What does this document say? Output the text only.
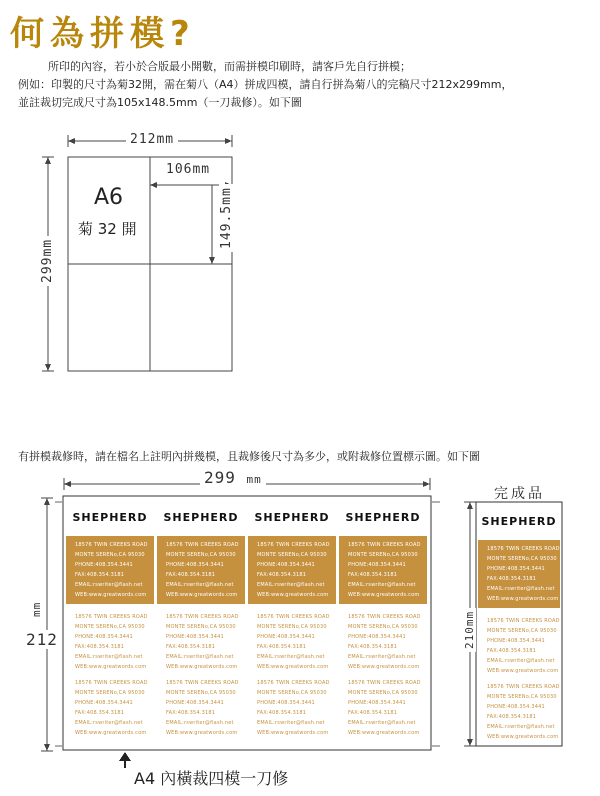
何為拼模?
所印的內容，若小於合版最小開數，而需拼模印刷時，請客戶先自行拼模；
例如：印製的尺寸為菊32開，需在菊八（A4）拼成四模，請自行拼為菊八的完稿尺寸212x299mm，
並註裁切完成尺寸為105x148.5mm（一刀裁修）。如下圖
212mm
299mm
106mm
149.5mm
A6
菊 32 開
有拼模裁修時，請在檔名上註明內拼幾模，且裁修後尺寸為多少，或附裁修位置標示圖。如下圖
299 mm
mm
212
完成品
210mm
A4 內橫裁四模一刀修
SHEPHERD
18576 TWIN CREEKS ROAD
MONTE SERENo,CA 95030
PHONE:408.354.3441
FAX:408.354.3181
EMAIL:rswriter@flash.net
WEB:www.greatwords.com
18576 TWIN CREEKS ROAD
MONTE SERENo,CA 95030
PHONE:408.354.3441
FAX:408.354.3181
EMAIL:rswriter@flash.net
WEB:www.greatwords.com
18576 TWIN CREEKS ROAD
MONTE SERENo,CA 95030
PHONE:408.354.3441
FAX:408.354.3181
EMAIL:rswriter@flash.net
WEB:www.greatwords.com
SHEPHERD
18576 TWIN CREEKS ROAD
MONTE SERENo,CA 95030
PHONE:408.354.3441
FAX:408.354.3181
EMAIL:rswriter@flash.net
WEB:www.greatwords.com
18576 TWIN CREEKS ROAD
MONTE SERENo,CA 95030
PHONE:408.354.3441
FAX:408.354.3181
EMAIL:rswriter@flash.net
WEB:www.greatwords.com
18576 TWIN CREEKS ROAD
MONTE SERENo,CA 95030
PHONE:408.354.3441
FAX:408.354.3181
EMAIL:rswriter@flash.net
WEB:www.greatwords.com
SHEPHERD
18576 TWIN CREEKS ROAD
MONTE SERENo,CA 95030
PHONE:408.354.3441
FAX:408.354.3181
EMAIL:rswriter@flash.net
WEB:www.greatwords.com
18576 TWIN CREEKS ROAD
MONTE SERENo,CA 95030
PHONE:408.354.3441
FAX:408.354.3181
EMAIL:rswriter@flash.net
WEB:www.greatwords.com
18576 TWIN CREEKS ROAD
MONTE SERENo,CA 95030
PHONE:408.354.3441
FAX:408.354.3181
EMAIL:rswriter@flash.net
WEB:www.greatwords.com
SHEPHERD
18576 TWIN CREEKS ROAD
MONTE SERENo,CA 95030
PHONE:408.354.3441
FAX:408.354.3181
EMAIL:rswriter@flash.net
WEB:www.greatwords.com
18576 TWIN CREEKS ROAD
MONTE SERENo,CA 95030
PHONE:408.354.3441
FAX:408.354.3181
EMAIL:rswriter@flash.net
WEB:www.greatwords.com
18576 TWIN CREEKS ROAD
MONTE SERENo,CA 95030
PHONE:408.354.3441
FAX:408.354.3181
EMAIL:rswriter@flash.net
WEB:www.greatwords.com
SHEPHERD
18576 TWIN CREEKS ROAD
MONTE SERENo,CA 95030
PHONE:408.354.3441
FAX:408.354.3181
EMAIL:rswriter@flash.net
WEB:www.greatwords.com
18576 TWIN CREEKS ROAD
MONTE SERENo,CA 95030
PHONE:408.354.3441
FAX:408.354.3181
EMAIL:rswriter@flash.net
WEB:www.greatwords.com
18576 TWIN CREEKS ROAD
MONTE SERENo,CA 95030
PHONE:408.354.3441
FAX:408.354.3181
EMAIL:rswriter@flash.net
WEB:www.greatwords.com
